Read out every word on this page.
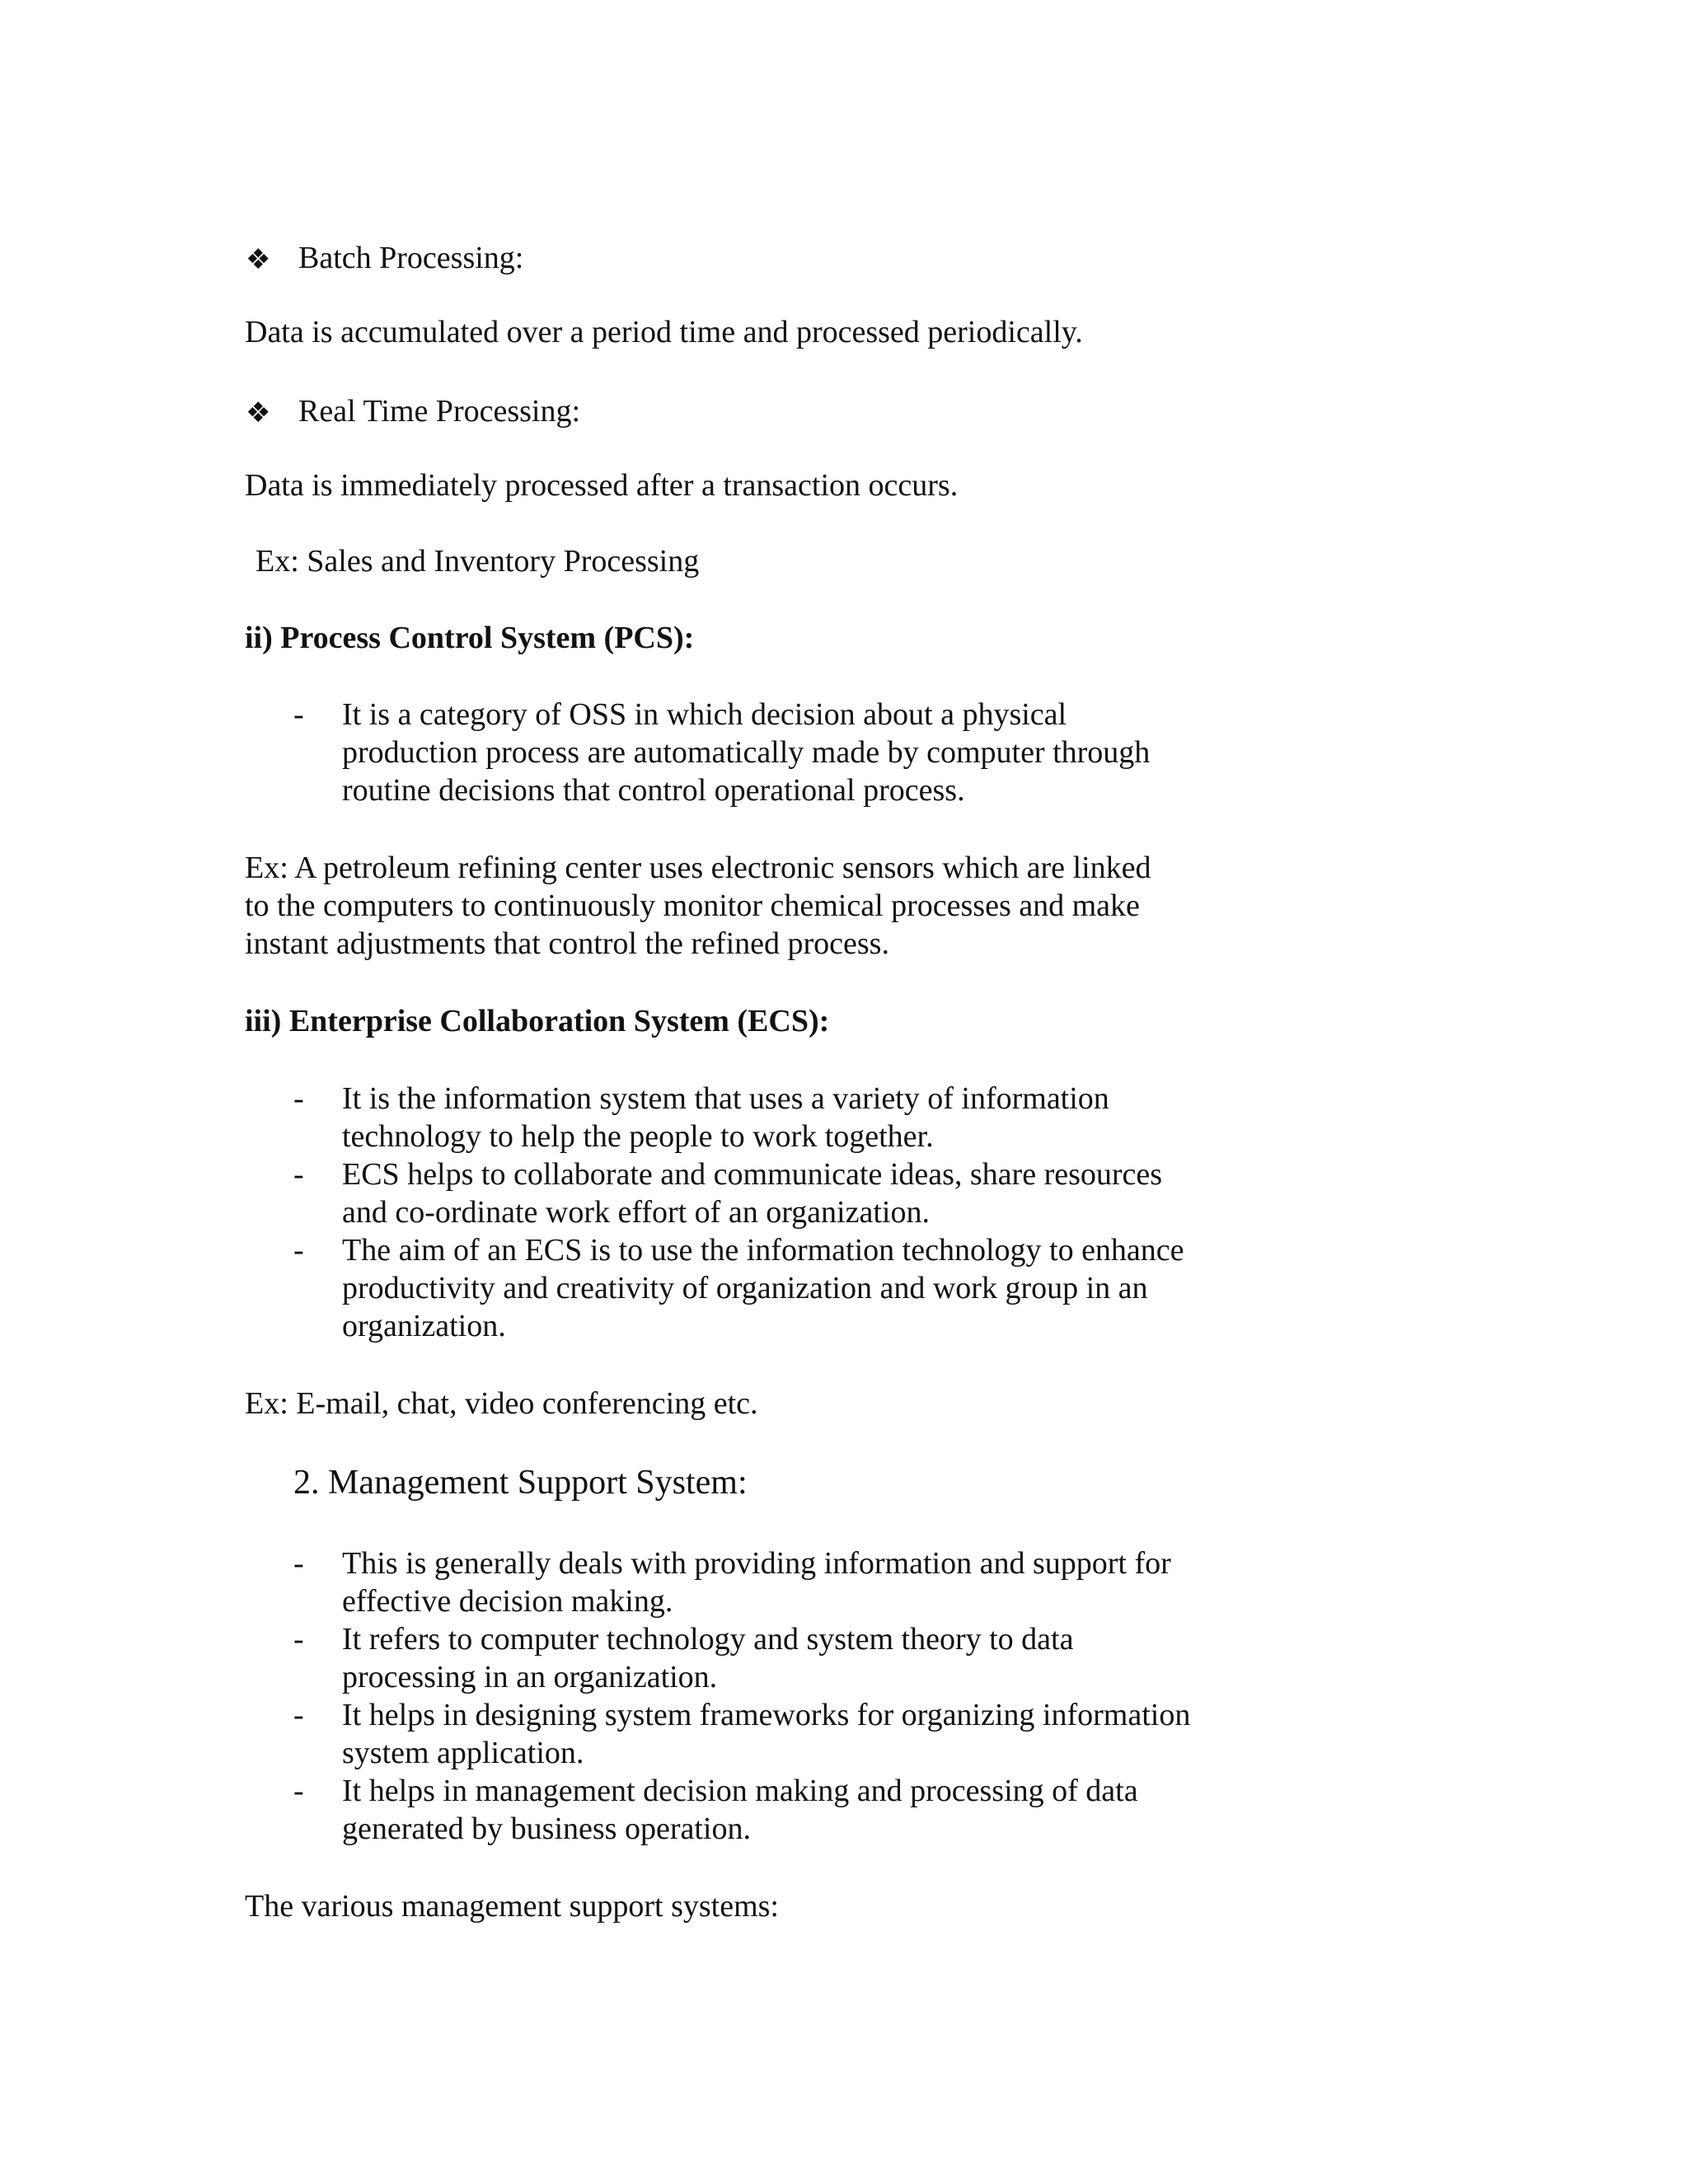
❖ Batch Processing:
Data is accumulated over a period time and processed periodically.
❖ Real Time Processing:
Data is immediately processed after a transaction occurs.
Ex: Sales and Inventory Processing
ii) Process Control System (PCS):
- It is a category of OSS in which decision about a physical
production process are automatically made by computer through
routine decisions that control operational process.
Ex: A petroleum refining center uses electronic sensors which are linked
to the computers to continuously monitor chemical processes and make
instant adjustments that control the refined process.
iii) Enterprise Collaboration System (ECS):
- It is the information system that uses a variety of information
technology to help the people to work together.
- ECS helps to collaborate and communicate ideas, share resources
and co-ordinate work effort of an organization.
- The aim of an ECS is to use the information technology to enhance
productivity and creativity of organization and work group in an
organization.
Ex: E-mail, chat, video conferencing etc.
2. Management Support System:
- This is generally deals with providing information and support for
effective decision making.
- It refers to computer technology and system theory to data
processing in an organization.
- It helps in designing system frameworks for organizing information
system application.
- It helps in management decision making and processing of data
generated by business operation.
The various management support systems:
